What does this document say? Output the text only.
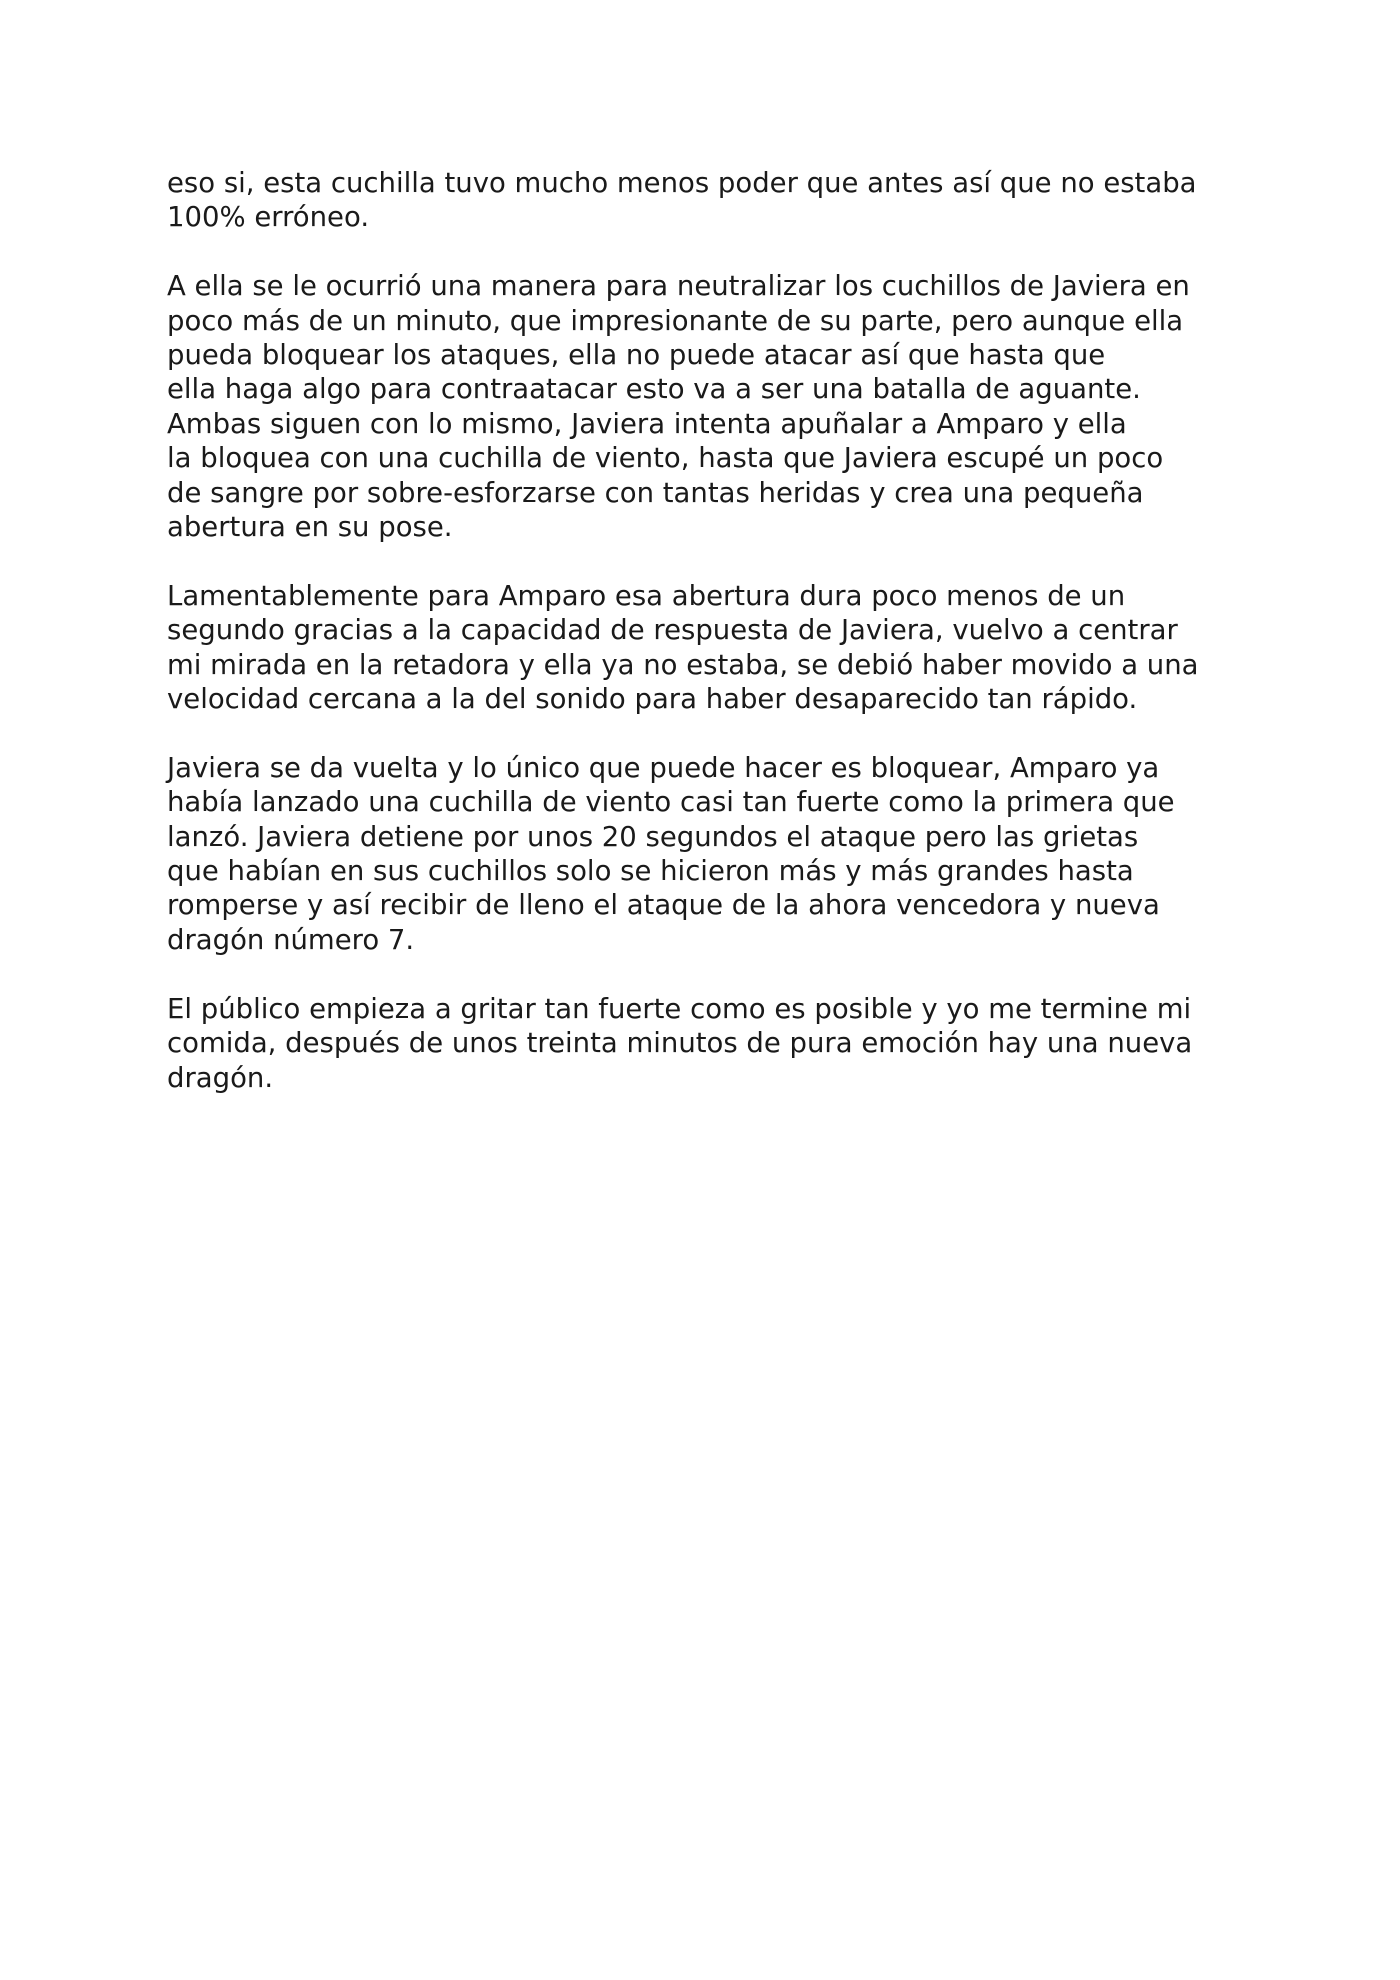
eso si, esta cuchilla tuvo mucho menos poder que antes así que no estaba
100% erróneo.

A ella se le ocurrió una manera para neutralizar los cuchillos de Javiera en
poco más de un minuto, que impresionante de su parte, pero aunque ella
pueda bloquear los ataques, ella no puede atacar así que hasta que
ella haga algo para contraatacar esto va a ser una batalla de aguante.
Ambas siguen con lo mismo, Javiera intenta apuñalar a Amparo y ella
la bloquea con una cuchilla de viento, hasta que Javiera escupé un poco
de sangre por sobre-esforzarse con tantas heridas y crea una pequeña
abertura en su pose.

Lamentablemente para Amparo esa abertura dura poco menos de un
segundo gracias a la capacidad de respuesta de Javiera, vuelvo a centrar
mi mirada en la retadora y ella ya no estaba, se debió haber movido a una
velocidad cercana a la del sonido para haber desaparecido tan rápido.

Javiera se da vuelta y lo único que puede hacer es bloquear, Amparo ya
había lanzado una cuchilla de viento casi tan fuerte como la primera que
lanzó. Javiera detiene por unos 20 segundos el ataque pero las grietas
que habían en sus cuchillos solo se hicieron más y más grandes hasta
romperse y así recibir de lleno el ataque de la ahora vencedora y nueva
dragón número 7.

El público empieza a gritar tan fuerte como es posible y yo me termine mi
comida, después de unos treinta minutos de pura emoción hay una nueva
dragón.
